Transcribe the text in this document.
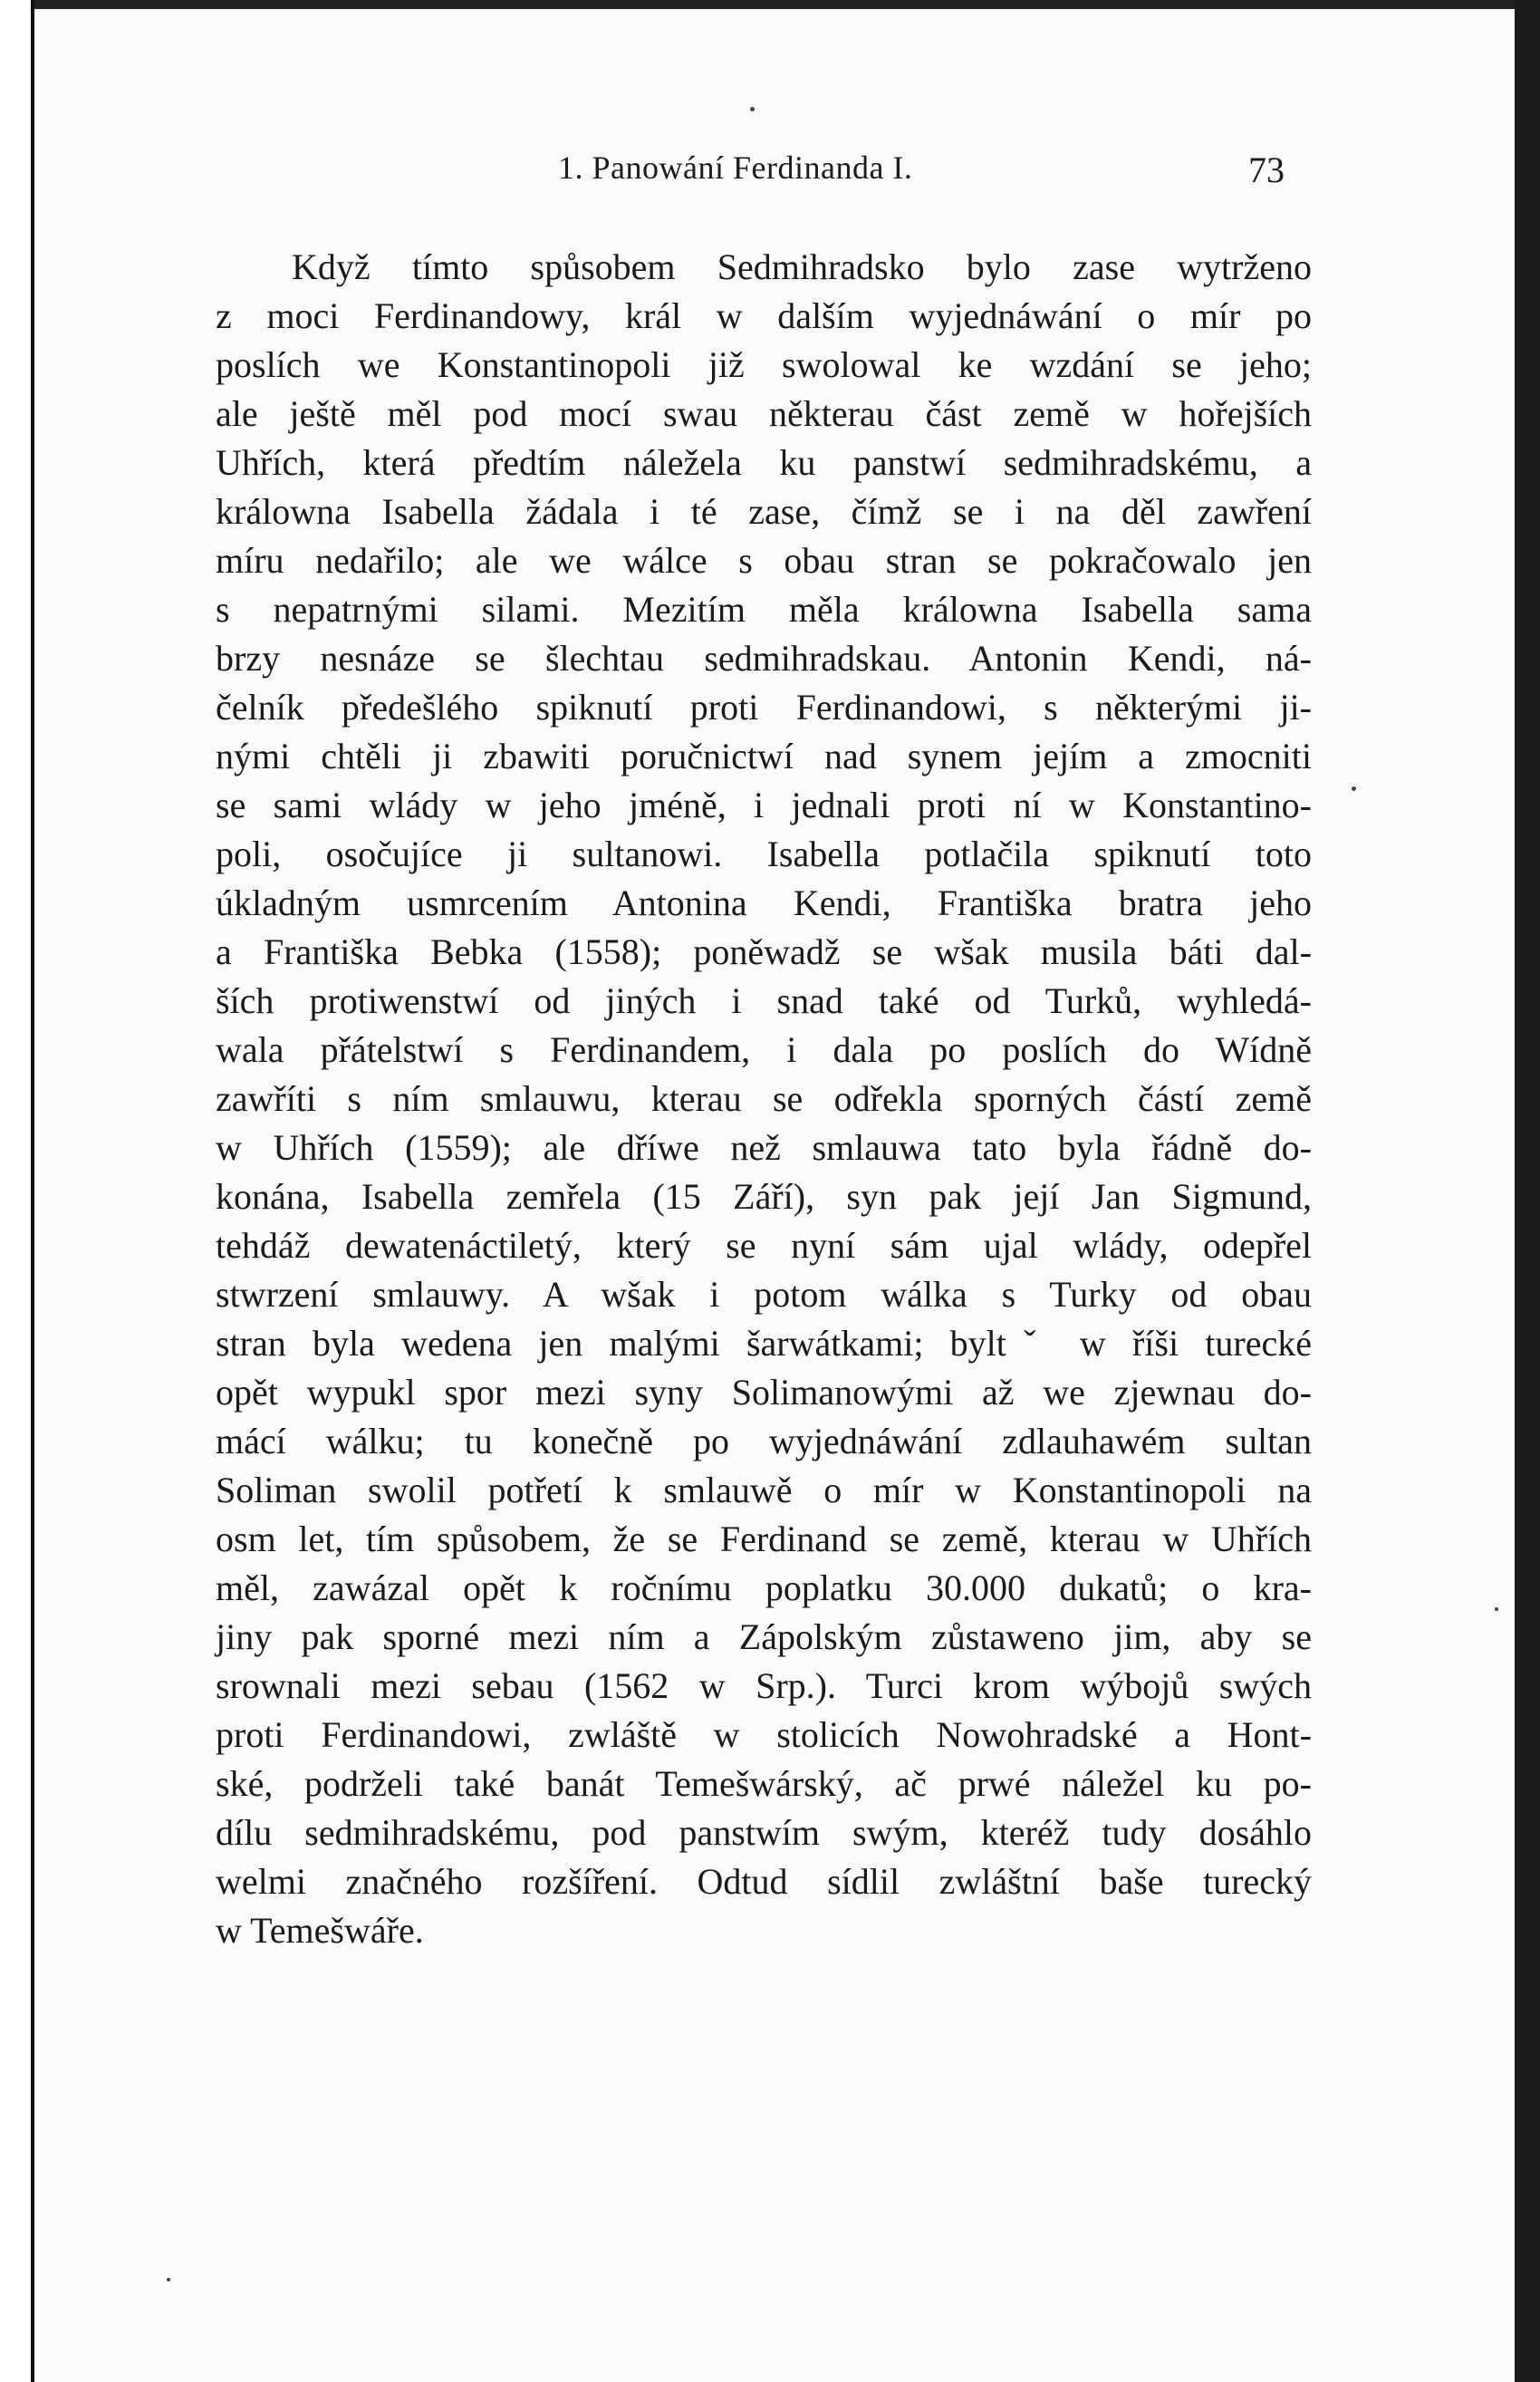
1. Panowání Ferdinanda I.	73
Když tímto spůsobem Sedmihradsko bylo zase wytrženo
z moci Ferdinandowy, král w dalším wyjednáwání o mír po
poslích we Konstantinopoli již swolowal ke wzdání se jeho;
ale ještě měl pod mocí swau některau část země w hořejších
Uhřích, která předtím náležela ku panstwí sedmihradskému, a
králowna Isabella žádala i té zase, čímž se i na děl zawření
míru nedařilo; ale we wálce s obau stran se pokračowalo jen
s nepatrnými silami. Mezitím měla králowna Isabella sama
brzy nesnáze se šlechtau sedmihradskau. Antonin Kendi, ná-
čelník předešlého spiknutí proti Ferdinandowi, s některými ji-
nými chtěli ji zbawiti poručnictwí nad synem jejím a zmocniti
se sami wlády w jeho jméně, i jednali proti ní w Konstantino-
poli, osočujíce ji sultanowi. Isabella potlačila spiknutí toto
úkladným usmrcením Antonina Kendi, Františka bratra jeho
a Františka Bebka (1558); poněwadž se wšak musila báti dal-
ších protiwenstwí od jiných i snad také od Turků, wyhledá-
wala přátelstwí s Ferdinandem, i dala po poslích do Wídně
zawříti s ním smlauwu, kterau se odřekla sporných částí země
w Uhřích (1559); ale dříwe než smlauwa tato byla řádně do-
konána, Isabella zemřela (15 Září), syn pak její Jan Sigmund,
tehdáž dewatenáctiletý, který se nyní sám ujal wlády, odepřel
stwrzení smlauwy. A wšak i potom wálka s Turky od obau
stran byla wedena jen malými šarwátkami; byltˇ w říši turecké
opět wypukl spor mezi syny Solimanowými až we zjewnau do-
mácí wálku; tu konečně po wyjednáwání zdlauhawém sultan
Soliman swolil potřetí k smlauwě o mír w Konstantinopoli na
osm let, tím spůsobem, že se Ferdinand se země, kterau w Uhřích
měl, zawázal opět k ročnímu poplatku 30.000 dukatů; o kra-
jiny pak sporné mezi ním a Zápolským zůstaweno jim, aby se
srownali mezi sebau (1562 w Srp.). Turci krom wýbojů swých
proti Ferdinandowi, zwláště w stolicích Nowohradské a Hont-
ské, podrželi také banát Temešwárský, ač prwé náležel ku po-
dílu sedmihradskému, pod panstwím swým, kteréž tudy dosáhlo
welmi značného rozšíření. Odtud sídlil zwláštní baše turecký
w Temešwáře.
